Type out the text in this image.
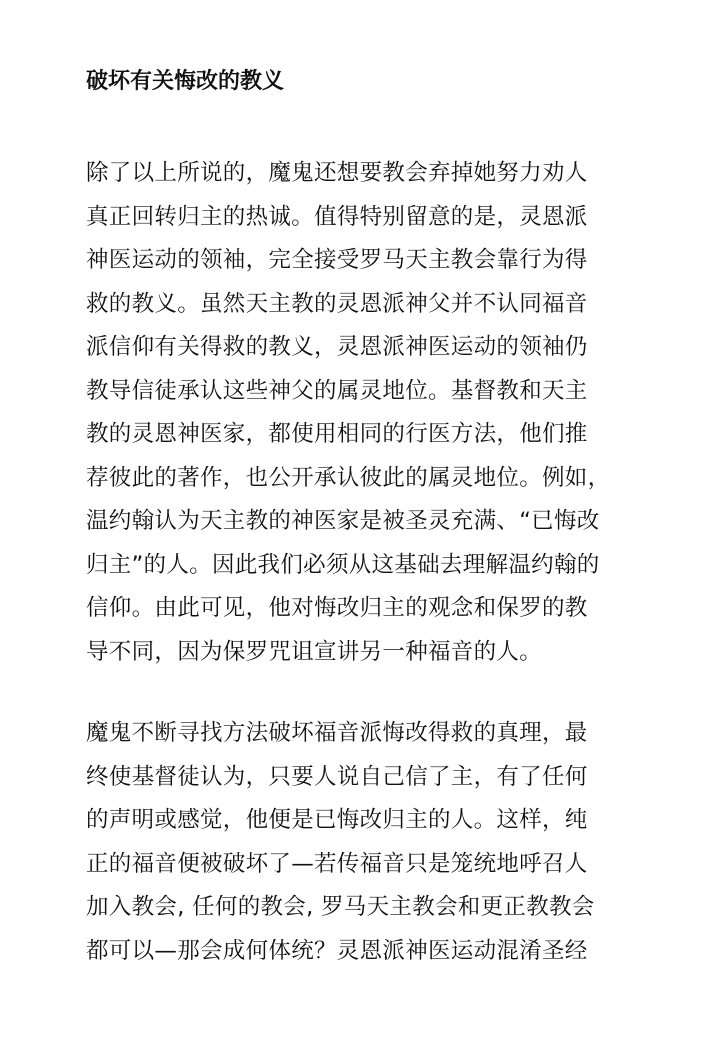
破坏有关悔改的教义
除了以上所说的，魔鬼还想要教会弃掉她努力劝人
真正回转归主的热诚。值得特别留意的是，灵恩派
神医运动的领袖，完全接受罗马天主教会靠行为得
救的教义。虽然天主教的灵恩派神父并不认同福音
派信仰有关得救的教义，灵恩派神医运动的领袖仍
教导信徒承认这些神父的属灵地位。基督教和天主
教的灵恩神医家，都使用相同的行医方法，他们推
荐彼此的著作，也公开承认彼此的属灵地位。例如，
温约翰认为天主教的神医家是被圣灵充满、“已悔改
归主”的人。因此我们必须从这基础去理解温约翰的
信仰。由此可见，他对悔改归主的观念和保罗的教
导不同，因为保罗咒诅宣讲另一种福音的人。
魔鬼不断寻找方法破坏福音派悔改得救的真理，最
终使基督徒认为，只要人说自己信了主，有了任何
的声明或感觉，他便是已悔改归主的人。这样，纯
正的福音便被破坏了—若传福音只是笼统地呼召人
加入教会, 任何的教会, 罗马天主教会和更正教教会
都可以—那会成何体统？灵恩派神医运动混淆圣经
